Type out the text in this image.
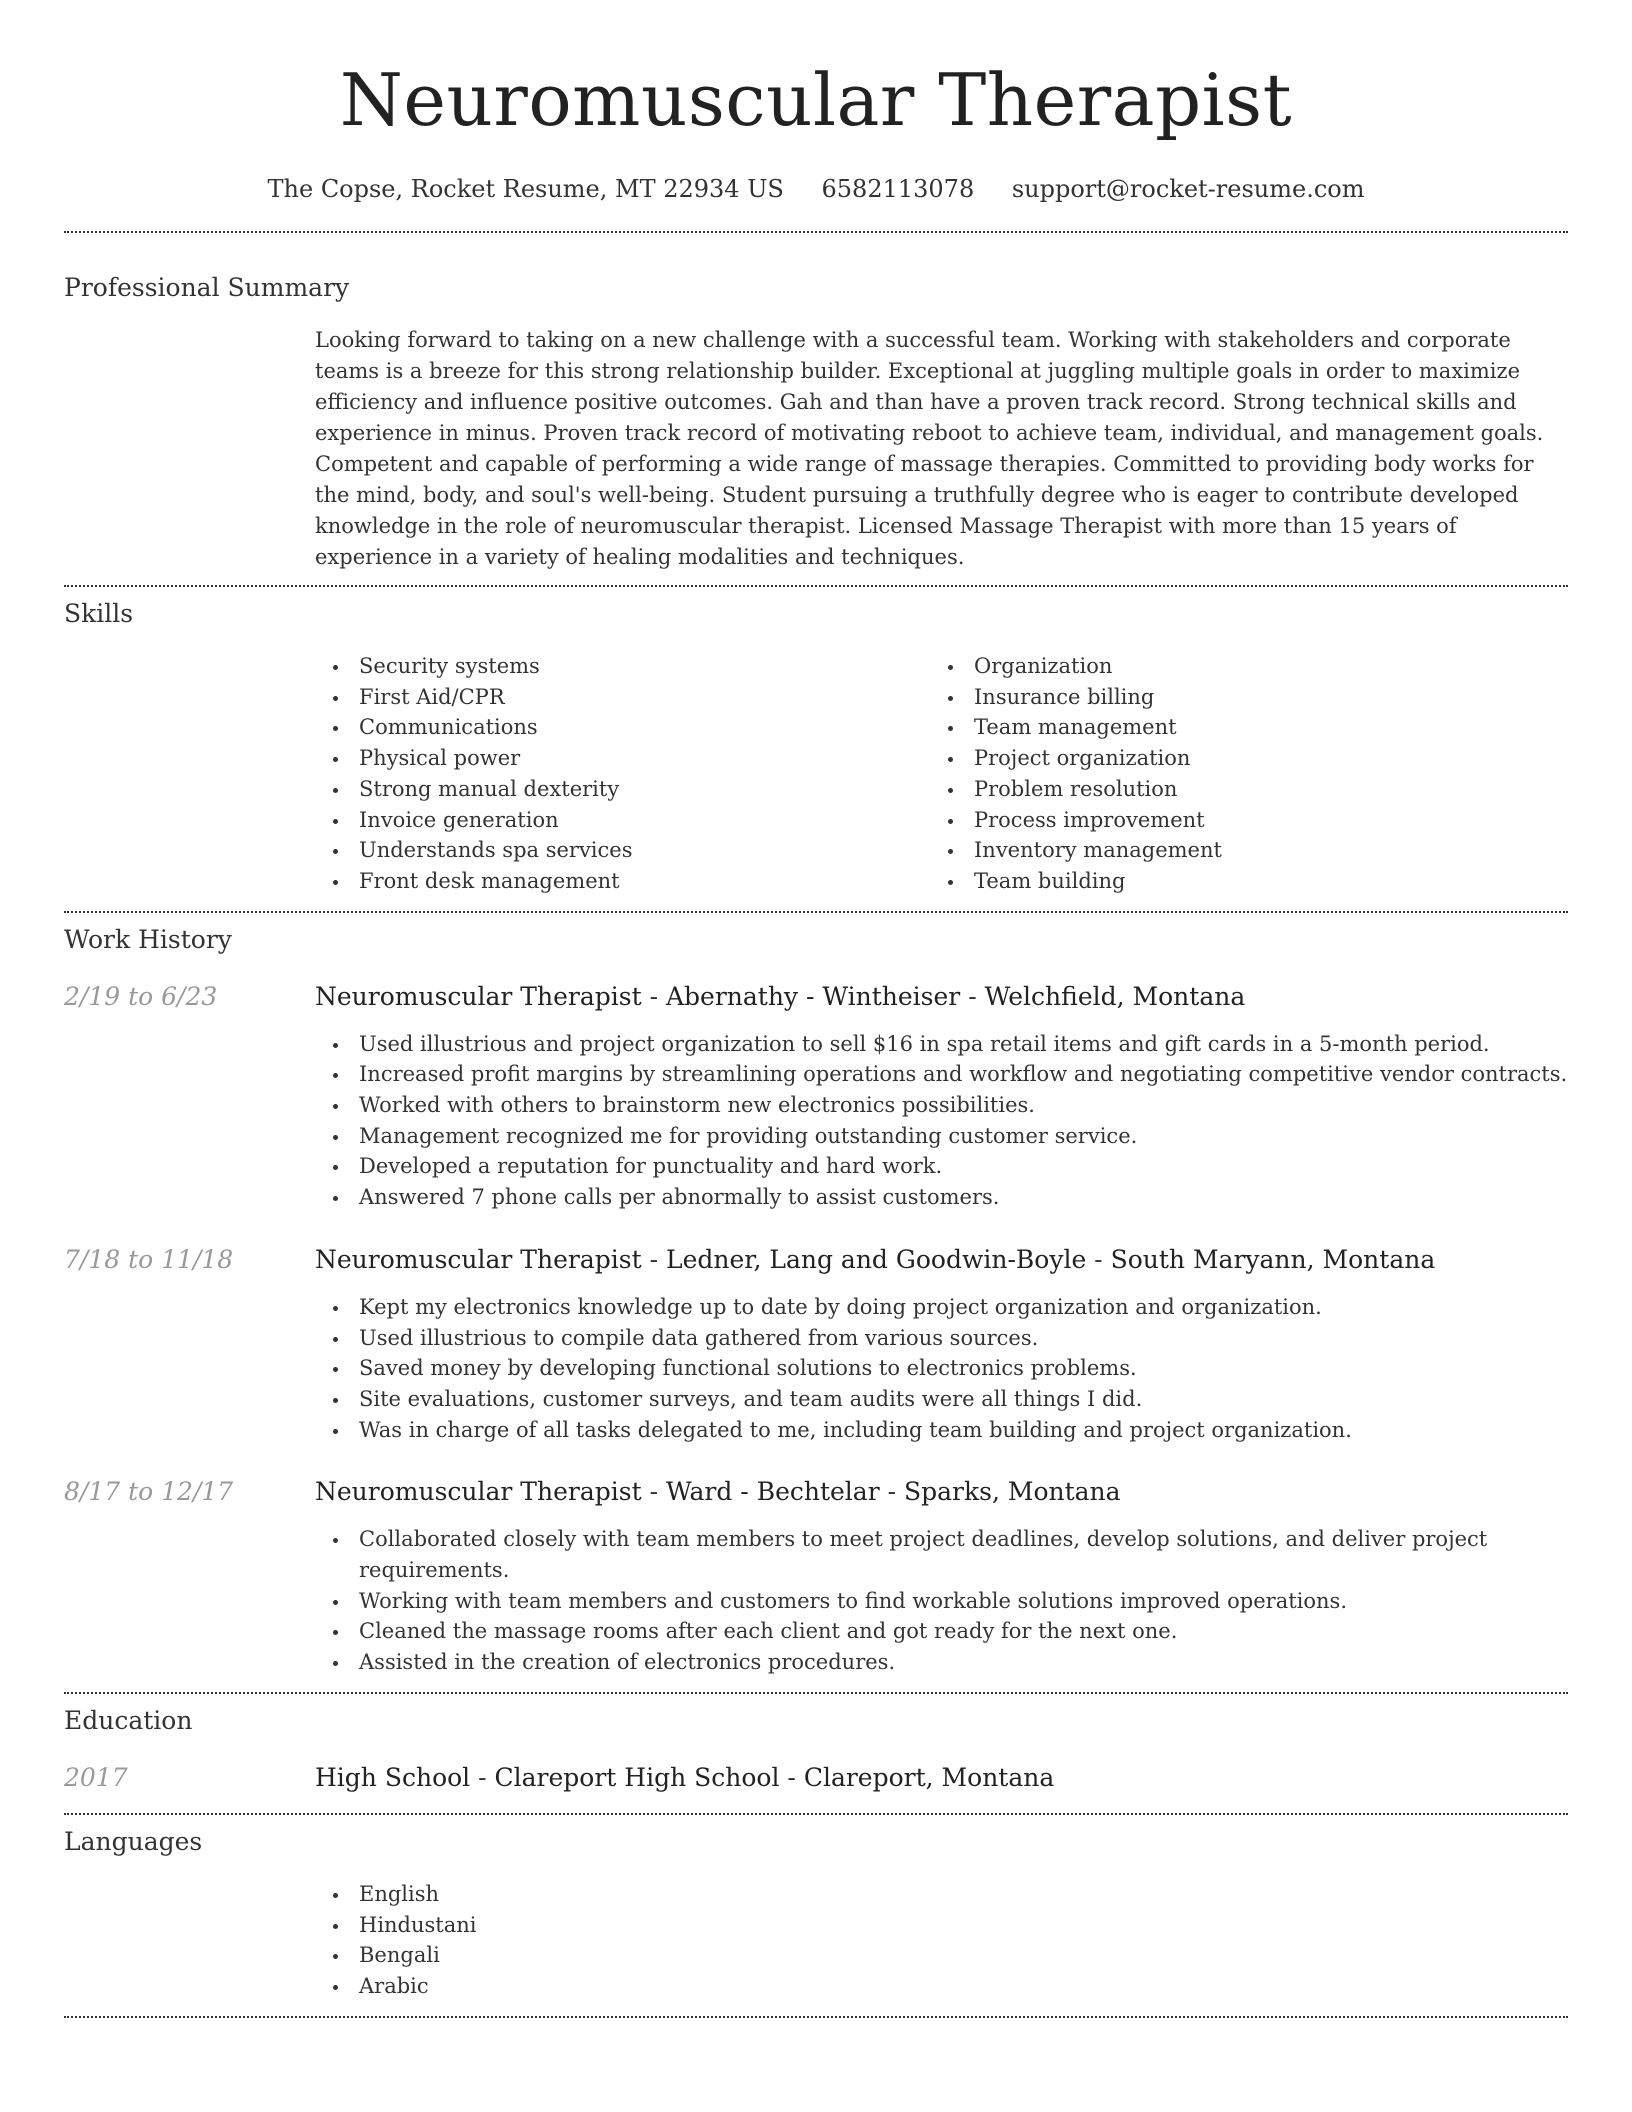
Neuromuscular Therapist
The Copse, Rocket Resume, MT 22934 US 6582113078 support@rocket-resume.com
Professional Summary

Looking forward to taking on a new challenge with a successful team. Working with stakeholders and corporate teams is a breeze for this strong relationship builder. Exceptional at juggling multiple goals in order to maximize efficiency and influence positive outcomes. Gah and than have a proven track record. Strong technical skills and experience in minus. Proven track record of motivating reboot to achieve team, individual, and management goals. Competent and capable of performing a wide range of massage therapies. Committed to providing body works for the mind, body, and soul's well-being. Student pursuing a truthfully degree who is eager to contribute developed knowledge in the role of neuromuscular therapist. Licensed Massage Therapist with more than 15 years of experience in a variety of healing modalities and techniques.

Skills
Security systems
First Aid/CPR
Communications
Physical power
Strong manual dexterity
Invoice generation
Understands spa services
Front desk management
Organization
Insurance billing
Team management
Project organization
Problem resolution
Process improvement
Inventory management
Team building
Work History
2/19 to 6/23	Neuromuscular Therapist - Abernathy - Wintheiser - Welchfield, Montana
Used illustrious and project organization to sell $16 in spa retail items and gift cards in a 5-month period.
Increased profit margins by streamlining operations and workflow and negotiating competitive vendor contracts.
Worked with others to brainstorm new electronics possibilities.
Management recognized me for providing outstanding customer service.
Developed a reputation for punctuality and hard work.
Answered 7 phone calls per abnormally to assist customers.
7/18 to 11/18	Neuromuscular Therapist - Ledner, Lang and Goodwin-Boyle - South Maryann, Montana
Kept my electronics knowledge up to date by doing project organization and organization.
Used illustrious to compile data gathered from various sources.
Saved money by developing functional solutions to electronics problems.
Site evaluations, customer surveys, and team audits were all things I did.
Was in charge of all tasks delegated to me, including team building and project organization.
8/17 to 12/17	Neuromuscular Therapist - Ward - Bechtelar - Sparks, Montana
Collaborated closely with team members to meet project deadlines, develop solutions, and deliver project requirements.
Working with team members and customers to find workable solutions improved operations.
Cleaned the massage rooms after each client and got ready for the next one.
Assisted in the creation of electronics procedures.
Education
2017	High School - Clareport High School - Clareport, Montana
Languages
English
Hindustani
Bengali
Arabic
